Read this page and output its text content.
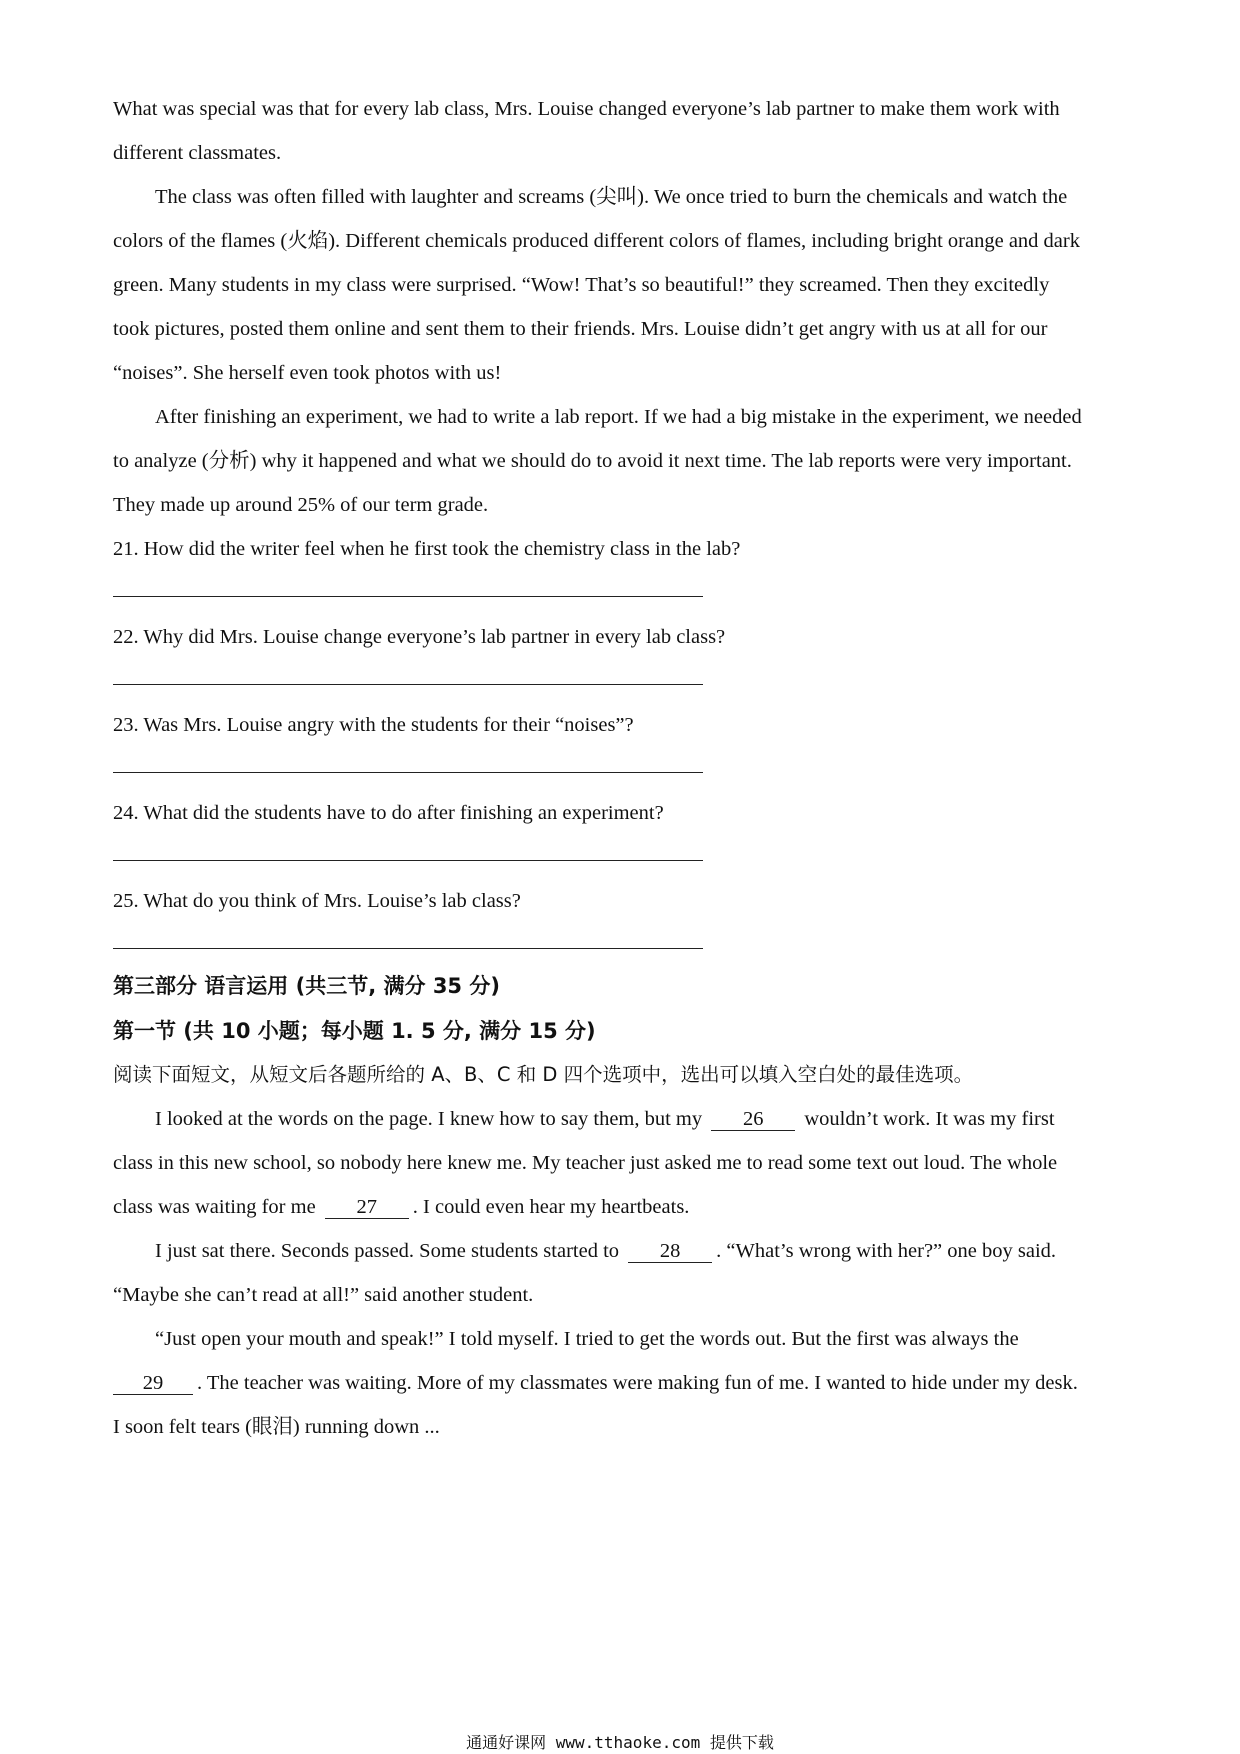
What was special was that for every lab class, Mrs. Louise changed everyone’s lab partner to make them work with
different classmates.
The class was often filled with laughter and screams (尖叫). We once tried to burn the chemicals and watch the
colors of the flames (火焰). Different chemicals produced different colors of flames, including bright orange and dark
green. Many students in my class were surprised. “Wow! That’s so beautiful!” they screamed. Then they excitedly
took pictures, posted them online and sent them to their friends. Mrs. Louise didn’t get angry with us at all for our
“noises”. She herself even took photos with us!
After finishing an experiment, we had to write a lab report. If we had a big mistake in the experiment, we needed
to analyze (分析) why it happened and what we should do to avoid it next time. The lab reports were very important.
They made up around 25% of our term grade.
21. How did the writer feel when he first took the chemistry class in the lab?
22. Why did Mrs. Louise change everyone’s lab partner in every lab class?
23. Was Mrs. Louise angry with the students for their “noises”?
24. What did the students have to do after finishing an experiment?
25. What do you think of Mrs. Louise’s lab class?
第三部分 语言运用 (共三节, 满分 35 分)
第一节 (共 10 小题；每小题 1. 5 分, 满分 15 分)
阅读下面短文，从短文后各题所给的 A、B、C 和 D 四个选项中，选出可以填入空白处的最佳选项。
I looked at the words on the page. I knew how to say them, but my 26 wouldn’t work. It was my first
class in this new school, so nobody here knew me. My teacher just asked me to read some text out loud. The whole
class was waiting for me 27 . I could even hear my heartbeats.
I just sat there. Seconds passed. Some students started to 28 . “What’s wrong with her?” one boy said.
“Maybe she can’t read at all!” said another student.
“Just open your mouth and speak!” I told myself. I tried to get the words out. But the first was always the
29 . The teacher was waiting. More of my classmates were making fun of me. I wanted to hide under my desk.
I soon felt tears (眼泪) running down ...
通通好课网 www.tthaoke.com 提供下载
